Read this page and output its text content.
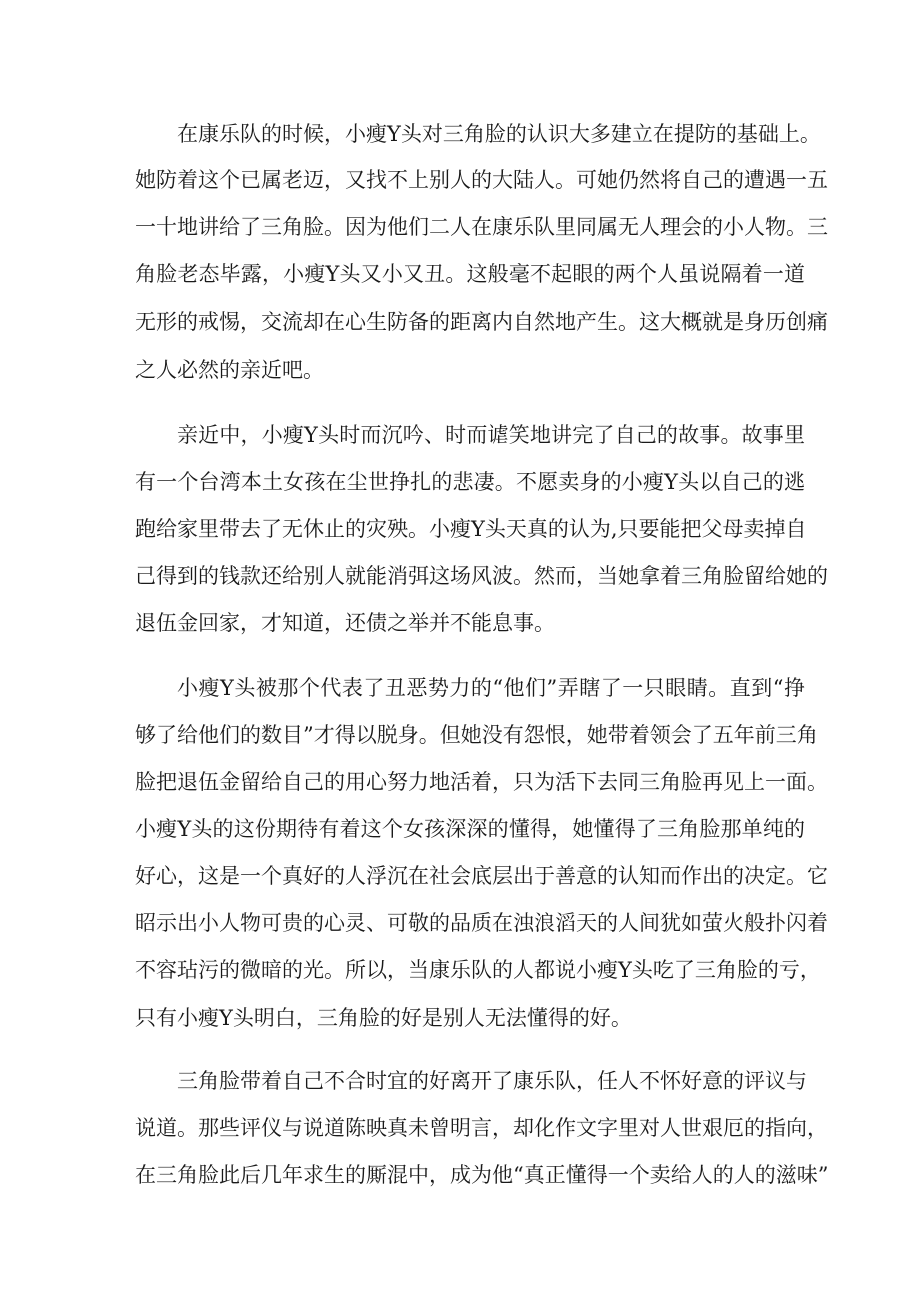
在康乐队的时候，小瘦Y头对三角脸的认识大多建立在提防的基础上。
她防着这个已属老迈，又找不上别人的大陆人。可她仍然将自己的遭遇一五
一十地讲给了三角脸。因为他们二人在康乐队里同属无人理会的小人物。三
角脸老态毕露，小瘦Y头又小又丑。这般毫不起眼的两个人虽说隔着一道
无形的戒惕，交流却在心生防备的距离内自然地产生。这大概就是身历创痛
之人必然的亲近吧。
亲近中，小瘦Y头时而沉吟、时而谑笑地讲完了自己的故事。故事里
有一个台湾本土女孩在尘世挣扎的悲凄。不愿卖身的小瘦Y头以自己的逃
跑给家里带去了无休止的灾殃。小瘦Y头天真的认为,只要能把父母卖掉自
己得到的钱款还给别人就能消弭这场风波。然而，当她拿着三角脸留给她的
退伍金回家，才知道，还债之举并不能息事。
小瘦Y头被那个代表了丑恶势力的“他们”弄瞎了一只眼睛。直到“挣
够了给他们的数目”才得以脱身。但她没有怨恨，她带着领会了五年前三角
脸把退伍金留给自己的用心努力地活着，只为活下去同三角脸再见上一面。
小瘦Y头的这份期待有着这个女孩深深的懂得，她懂得了三角脸那单纯的
好心，这是一个真好的人浮沉在社会底层出于善意的认知而作出的决定。它
昭示出小人物可贵的心灵、可敬的品质在浊浪滔天的人间犹如萤火般扑闪着
不容玷污的微暗的光。所以，当康乐队的人都说小瘦Y头吃了三角脸的亏，
只有小瘦Y头明白，三角脸的好是别人无法懂得的好。
三角脸带着自己不合时宜的好离开了康乐队，任人不怀好意的评议与
说道。那些评仪与说道陈映真未曾明言，却化作文字里对人世艰厄的指向，
在三角脸此后几年求生的厮混中，成为他“真正懂得一个卖给人的人的滋味”
